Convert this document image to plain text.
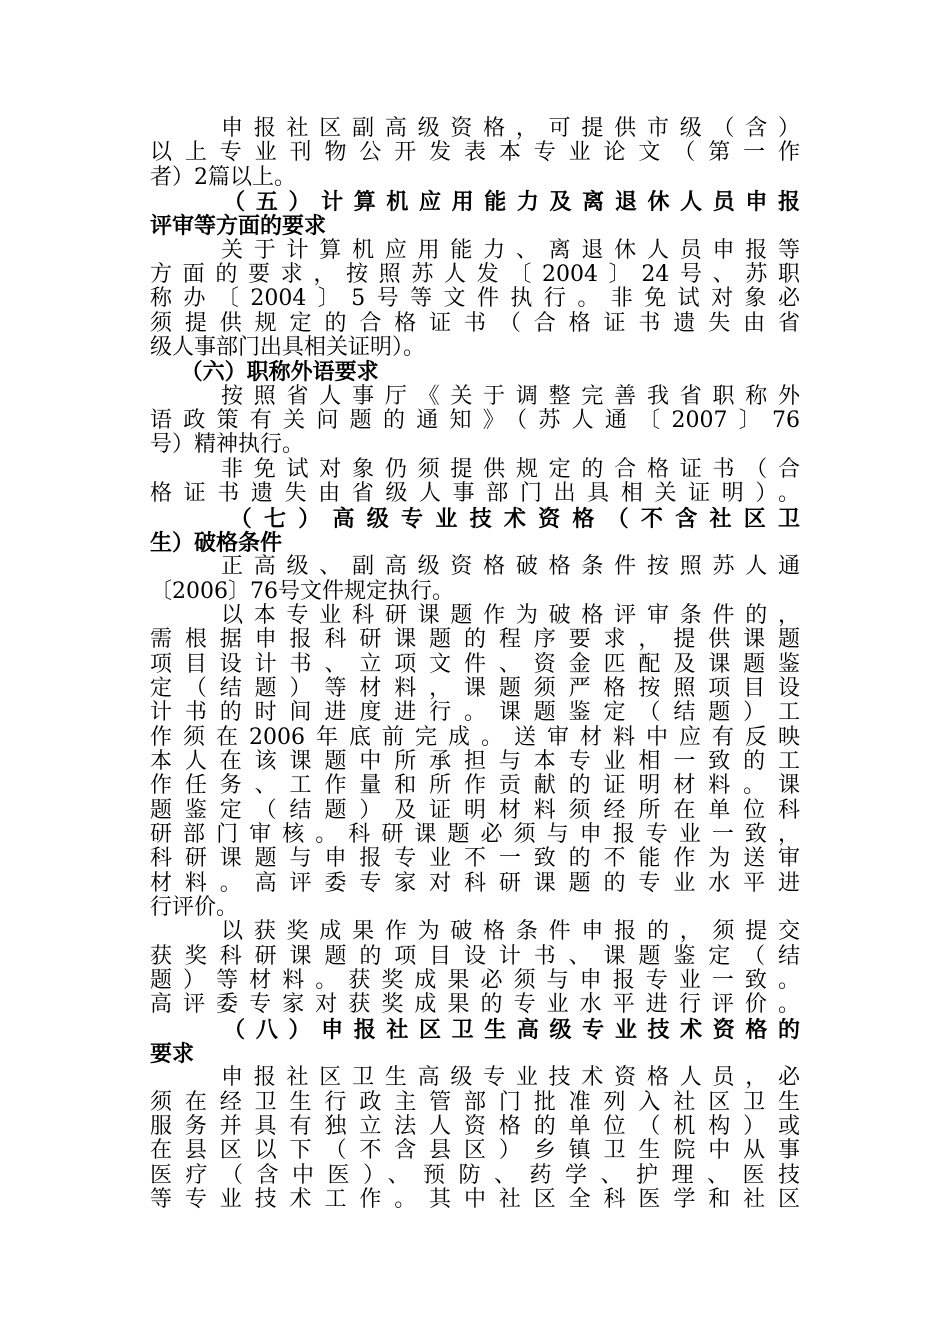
申报社区副高级资格，可提供市级（含）
以上专业刊物公开发表本专业论文（第一作
者）2篇以上。
（五）计算机应用能力及离退休人员申报
评审等方面的要求
关于计算机应用能力、离退休人员申报等
方面的要求，按照苏人发〔2004〕24号、苏职
称办〔2004〕5号等文件执行。非免试对象必
须提供规定的合格证书（合格证书遗失由省
级人事部门出具相关证明）。
（六）职称外语要求
按照省人事厅《关于调整完善我省职称外
语政策有关问题的通知》（苏人通〔2007〕76
号）精神执行。
非免试对象仍须提供规定的合格证书（合
格证书遗失由省级人事部门出具相关证明）。
（七）高级专业技术资格（不含社区卫
生）破格条件
正高级、副高级资格破格条件按照苏人通
〔2006〕76号文件规定执行。
以本专业科研课题作为破格评审条件的，
需根据申报科研课题的程序要求，提供课题
项目设计书、立项文件、资金匹配及课题鉴
定（结题）等材料，课题须严格按照项目设
计书的时间进度进行。课题鉴定（结题）工
作须在2006年底前完成。送审材料中应有反映
本人在该课题中所承担与本专业相一致的工
作任务、工作量和所作贡献的证明材料。课
题鉴定（结题）及证明材料须经所在单位科
研部门审核。科研课题必须与申报专业一致，
科研课题与申报专业不一致的不能作为送审
材料。高评委专家对科研课题的专业水平进
行评价。
以获奖成果作为破格条件申报的，须提交
获奖科研课题的项目设计书、课题鉴定（结
题）等材料。获奖成果必须与申报专业一致。
高评委专家对获奖成果的专业水平进行评价。
（八）申报社区卫生高级专业技术资格的
要求
申报社区卫生高级专业技术资格人员，必
须在经卫生行政主管部门批准列入社区卫生
服务并具有独立法人资格的单位（机构）或
在县区以下（不含县区）乡镇卫生院中从事
医疗（含中医）、预防、药学、护理、医技
等专业技术工作。其中社区全科医学和社区
